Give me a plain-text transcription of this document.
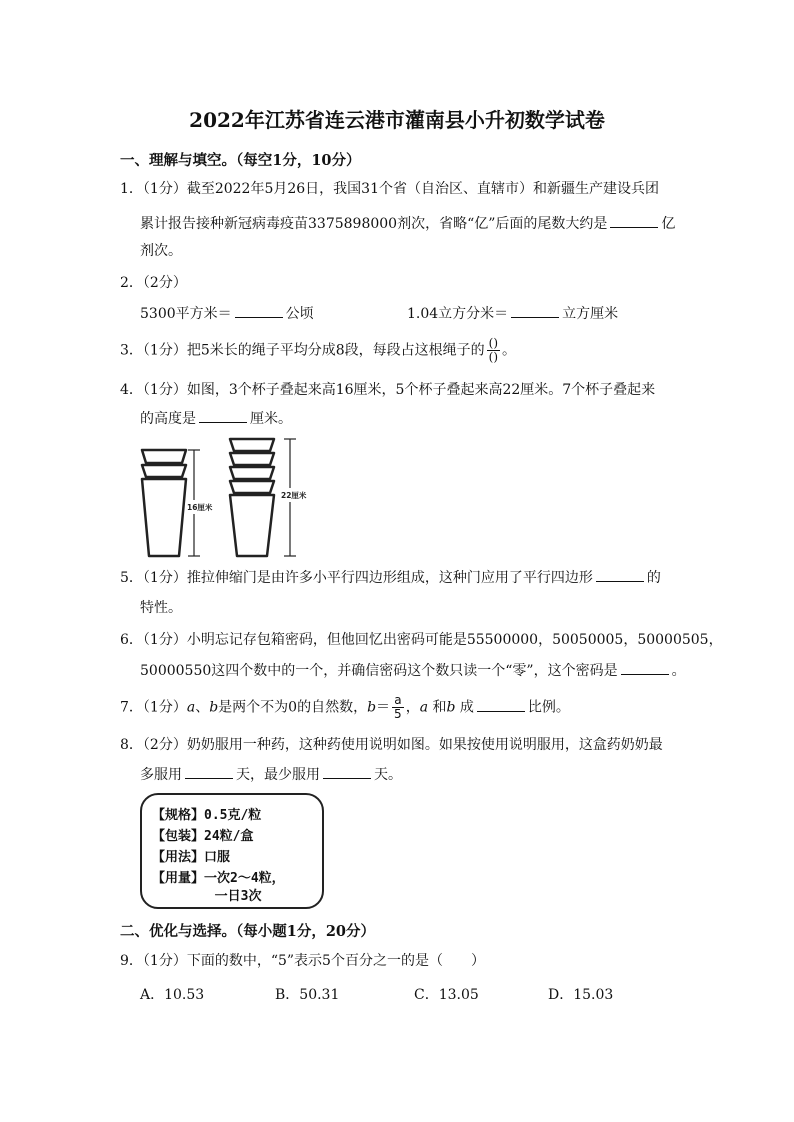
2022年江苏省连云港市灌南县小升初数学试卷
一、理解与填空。（每空1分，10分）
1．（1分）截至2022年5月26日，我国31个省（自治区、直辖市）和新疆生产建设兵团
累计报告接种新冠病毒疫苗3375898000剂次，省略“亿”后面的尾数大约是	亿
剂次。
2．（2分）
5300平方米＝	公顷	1.04立方分米＝	立方厘米
3．（1分）把5米长的绳子平均分成8段，每段占这根绳子的 $\frac{()}{()}$ 。
4．（1分）如图，3个杯子叠起来高16厘米，5个杯子叠起来高22厘米。7个杯子叠起来
的高度是	厘米。
16厘米
22厘米
5．（1分）推拉伸缩门是由许多小平行四边形组成，这种门应用了平行四边形	的
特性。
6．（1分）小明忘记存包箱密码，但他回忆出密码可能是55500000，50050005，50000505，
50000550这四个数中的一个，并确信密码这个数只读一个“零”，这个密码是	。
7．（1分）a、b是两个不为0的自然数，$b= \frac{a}{5}$ ，a 和b 成	比例。
8．（2分）奶奶服用一种药，这种药使用说明如图。如果按使用说明服用，这盒药奶奶最
多服用	天，最少服用	天。
【规格】0.5克/粒
【包装】24粒/盒
【用法】口服
【用量】一次2～4粒，
一日3次
二、优化与选择。（每小题1分，20分）
9．（1分）下面的数中，“5”表示5个百分之一的是（　　）
A．10.53	B．50.31	C．13.05	D．15.03
